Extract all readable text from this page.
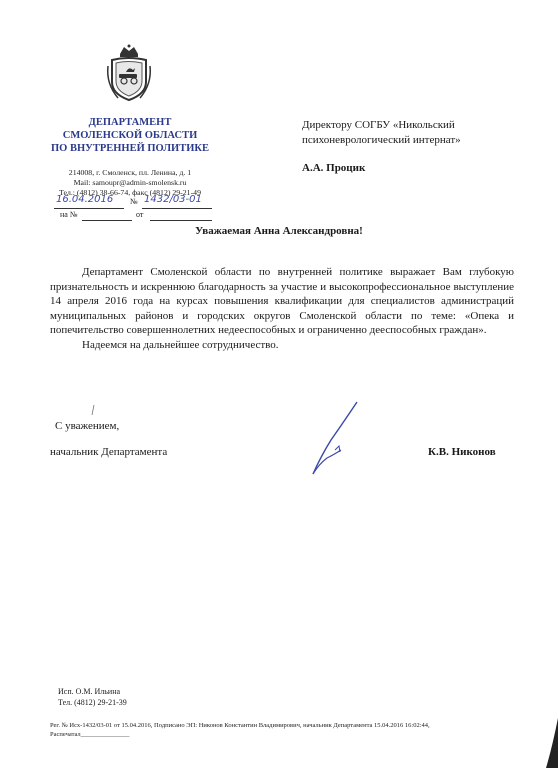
ДЕПАРТАМЕНТ
СМОЛЕНСКОЙ ОБЛАСТИ
ПО ВНУТРЕННЕЙ ПОЛИТИКЕ
214008, г. Смоленск, пл. Ленина, д. 1
Mail: samoupr@admin-smolensk.ru
Тел.: (4812) 38-66-74, факс (4812) 29-21-49
16.04.2016 № 1432/03-01
на №	от
Директору СОГБУ «Никольский
психоневрологический интернат»
А.А. Процик
Уважаемая Анна Александровна!

Департамент Смоленской области по внутренней политике выражает Вам глубокую признательность и искреннюю благодарность за участие и высокопрофессиональное выступление 14 апреля 2016 года на курсах повышения квалификации для специалистов администраций муниципальных районов и городских округов Смоленской области по теме: «Опека и попечительство совершеннолетних недееспособных и ограниченно дееспособных граждан».

Надеемся на дальнейшее сотрудничество.

С уважением,
начальник Департамента	К.В. Никонов
Исп. О.М. Ильина
Тел. (4812) 29-21-39
Рег. № Исх-1432/03-01 от 15.04.2016, Подписано ЭП: Никонов Константин Владимирович, начальник Департамента 15.04.2016 16:02:44,
Распечатал_______________
